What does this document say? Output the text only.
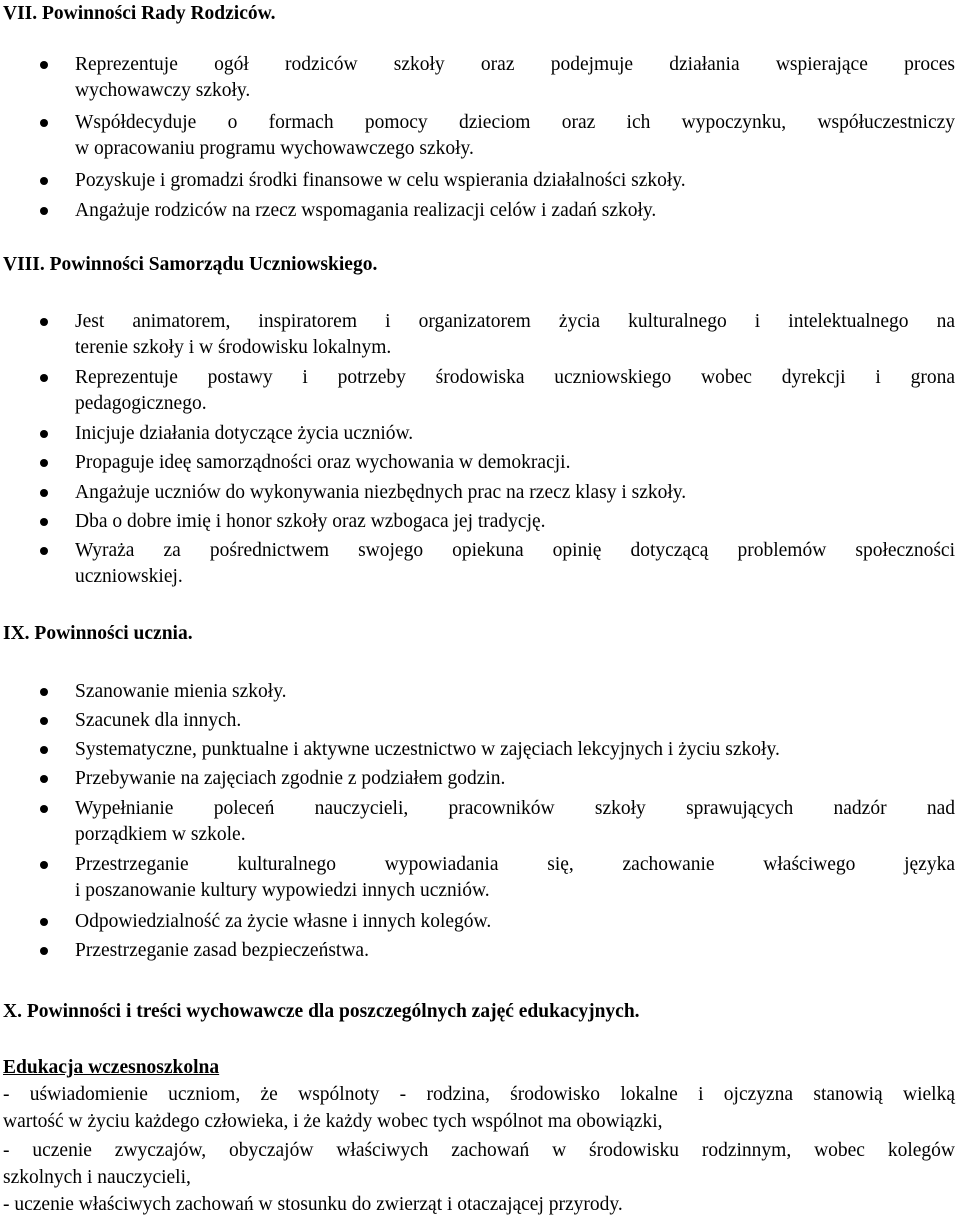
VII. Powinności Rady Rodziców.
Reprezentuje ogół rodziców szkoły oraz podejmuje działania wspierające proces
wychowawczy szkoły.
Współdecyduje o formach pomocy dzieciom oraz ich wypoczynku, współuczestniczy
w opracowaniu programu wychowawczego szkoły.
Pozyskuje i gromadzi środki finansowe w celu wspierania działalności szkoły.
Angażuje rodziców na rzecz wspomagania realizacji celów i zadań szkoły.
VIII. Powinności Samorządu Uczniowskiego.
Jest animatorem, inspiratorem i organizatorem życia kulturalnego i intelektualnego na
terenie szkoły i w środowisku lokalnym.
Reprezentuje postawy i potrzeby środowiska uczniowskiego wobec dyrekcji i grona
pedagogicznego.
Inicjuje działania dotyczące życia uczniów.
Propaguje ideę samorządności oraz wychowania w demokracji.
Angażuje uczniów do wykonywania niezbędnych prac na rzecz klasy i szkoły.
Dba o dobre imię i honor szkoły oraz wzbogaca jej tradycję.
Wyraża za pośrednictwem swojego opiekuna opinię dotyczącą problemów społeczności
uczniowskiej.
IX. Powinności ucznia.
Szanowanie mienia szkoły.
Szacunek dla innych.
Systematyczne, punktualne i aktywne uczestnictwo w zajęciach lekcyjnych i życiu szkoły.
Przebywanie na zajęciach zgodnie z podziałem godzin.
Wypełnianie poleceń nauczycieli, pracowników szkoły sprawujących nadzór nad
porządkiem w szkole.
Przestrzeganie kulturalnego wypowiadania się, zachowanie właściwego języka
i poszanowanie kultury wypowiedzi innych uczniów.
Odpowiedzialność za życie własne i innych kolegów.
Przestrzeganie zasad bezpieczeństwa.
X. Powinności i treści wychowawcze dla poszczególnych zajęć edukacyjnych.
Edukacja wczesnoszkolna
- uświadomienie uczniom, że wspólnoty - rodzina, środowisko lokalne i ojczyzna stanowią wielką
wartość w życiu każdego człowieka, i że każdy wobec tych wspólnot ma obowiązki,
- uczenie zwyczajów, obyczajów właściwych zachowań w środowisku rodzinnym, wobec kolegów
szkolnych i nauczycieli,
- uczenie właściwych zachowań w stosunku do zwierząt i otaczającej przyrody.
